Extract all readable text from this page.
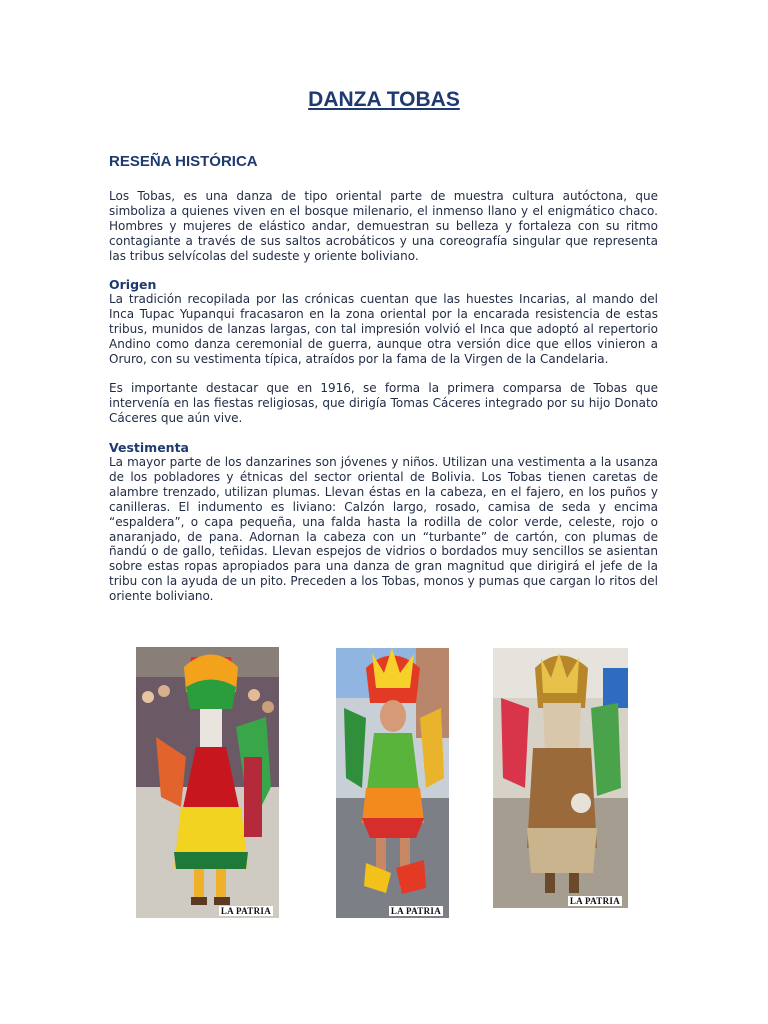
DANZA TOBAS
RESEÑA HISTÓRICA
Los Tobas, es una danza de tipo oriental parte de muestra cultura autóctona, que simboliza a quienes viven en el bosque milenario, el inmenso llano y el enigmático chaco. Hombres y mujeres de elástico andar, demuestran su belleza y fortaleza con su ritmo contagiante a través de sus saltos acrobáticos y una coreografía singular que representa las tribus selvícolas del sudeste y oriente boliviano.
Origen
La tradición recopilada por las crónicas cuentan que las huestes Incarias, al mando del Inca Tupac Yupanqui fracasaron en la zona oriental por la encarada resistencia de estas tribus, munidos de lanzas largas, con tal impresión volvió el Inca que adoptó al repertorio Andino como danza ceremonial de guerra, aunque otra versión dice que ellos vinieron a Oruro, con su vestimenta típica, atraídos por la fama de la Virgen de la Candelaria.
Es importante destacar que en 1916, se forma la primera comparsa de Tobas que intervenía en las fiestas religiosas, que dirigía Tomas Cáceres integrado por su hijo Donato Cáceres que aún vive.
Vestimenta
La mayor parte de los danzarines son jóvenes y niños. Utilizan una vestimenta a la usanza de los pobladores y étnicas del sector oriental de Bolivia. Los Tobas tienen caretas de alambre trenzado, utilizan plumas. Llevan éstas en la cabeza, en el fajero, en los puños y canilleras. El indumento es liviano: Calzón largo, rosado, camisa de seda y encima “espaldera”, o capa pequeña, una falda hasta la rodilla de color verde, celeste, rojo o anaranjado, de pana. Adornan la cabeza con un “turbante” de cartón, con plumas de ñandú o de gallo, teñidas. Llevan espejos de vidrios o bordados muy sencillos se asientan sobre estas ropas apropiados para una danza de gran magnitud que dirigirá el jefe de la tribu con la ayuda de un pito. Preceden a los Tobas, monos y pumas que cargan lo ritos del oriente boliviano.
LA PATRIA	LA PATRIA
LA PATRIA
